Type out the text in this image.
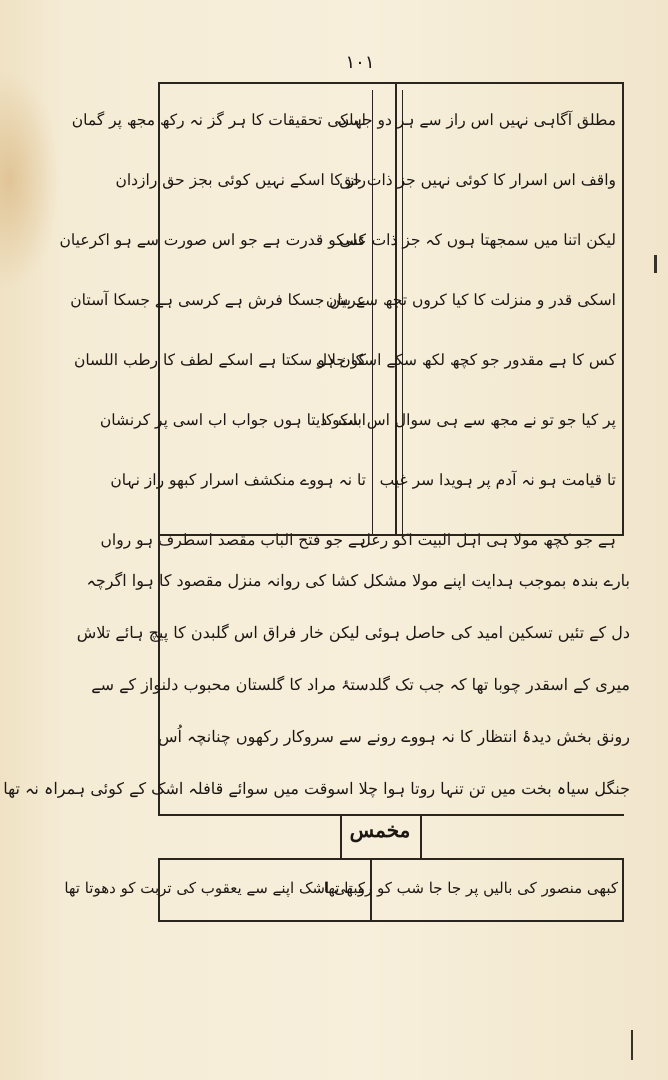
١٠١
مطلق آگاہی نہیں اس راز سے ہر دو جہان
واقف اس اسرار کا کوئی نہیں جز ذات حق
لیکن اتنا میں سمجھتا ہوں کہ جز ذات علی
اسکی قدر و منزلت کا کیا کروں تجھ سے بیان
کس کا ہے مقدور جو کچھ لکھ سکے اسکا جلال
پر کیا جو تو نے مجھ سے ہی سوال اس بات کا
تا قیامت ہو نہ آدم پر ہویدا سر غیب
ہے جو کچھ مولا ہی اہل البیت اکو رعل
اسکی تحقیقات کا ہر گز نہ رکھ مجھ پر گمان
راز کا اسکے نہیں کوئی بجز حق رازدان
کسکو قدرت ہے جو اس صورت سے ہو اکرعیان
عرش جسکا فرش ہے کرسی ہے جسکا آستان
کون ہو سکتا ہے اسکے لطف کا رطب اللسان
اسکو دیتا ہوں جواب اب اسی پر کرنشان
تا نہ ہووے منکشف اسرار کبھو راز نہان
ہے جو فتح الباب مقصد اسطرف ہو رواں
بارے بندہ بموجب ہدایت اپنے مولا مشکل کشا کی روانہ منزل مقصود کا ہوا اگرچہ
دل کے تئیں تسکین امید کی حاصل ہوئی لیکن خار فراق اس گلبدن کا پیچ ہائے تلاش
میری کے اسقدر چوبا تھا کہ جب تک گلدستۂ مراد کا گلستان محبوب دلنواز کے سے
رونق بخش دیدۂ انتظار کا نہ ہووے رونے سے سروکار رکھوں چنانچہ اُس
جنگل سیاہ بخت میں تن تنہا روتا ہوا چلا اسوقت میں سوائے قافلہ اشک کے کوئی ہمراہ نہ تھا
مخمس
کبھی منصور کی بالیں پر جا جا شب کو رو تا تھا
کبھی اشک اپنے سے یعقوب کی تربت کو دھوتا تھا
